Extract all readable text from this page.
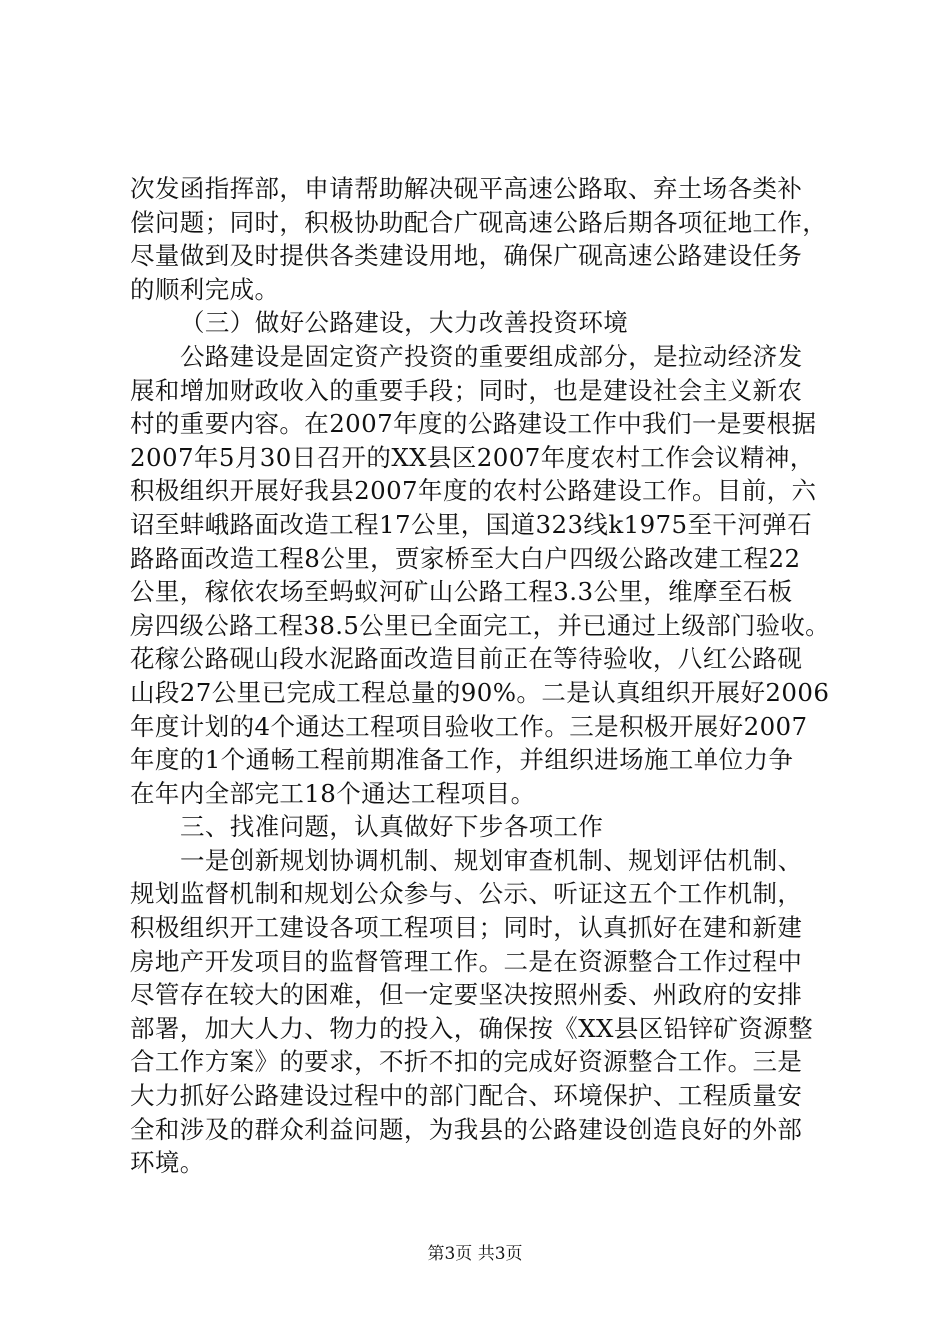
次发函指挥部，申请帮助解决砚平高速公路取、弃土场各类补
偿问题；同时，积极协助配合广砚高速公路后期各项征地工作，
尽量做到及时提供各类建设用地，确保广砚高速公路建设任务
的顺利完成。
（三）做好公路建设，大力改善投资环境
公路建设是固定资产投资的重要组成部分，是拉动经济发
展和增加财政收入的重要手段；同时，也是建设社会主义新农
村的重要内容。在2007年度的公路建设工作中我们一是要根据
2007年5月30日召开的XX县区2007年度农村工作会议精神，
积极组织开展好我县2007年度的农村公路建设工作。目前，六
诏至蚌峨路面改造工程17公里，国道323线k1975至干河弹石
路路面改造工程8公里，贾家桥至大白户四级公路改建工程22
公里，稼依农场至蚂蚁河矿山公路工程3.3公里，维摩至石板
房四级公路工程38.5公里已全面完工，并已通过上级部门验收。
花稼公路砚山段水泥路面改造目前正在等待验收，八红公路砚
山段27公里已完成工程总量的90%。二是认真组织开展好2006
年度计划的4个通达工程项目验收工作。三是积极开展好2007
年度的1个通畅工程前期准备工作，并组织进场施工单位力争
在年内全部完工18个通达工程项目。
三、找准问题，认真做好下步各项工作
一是创新规划协调机制、规划审查机制、规划评估机制、
规划监督机制和规划公众参与、公示、听证这五个工作机制，
积极组织开工建设各项工程项目；同时，认真抓好在建和新建
房地产开发项目的监督管理工作。二是在资源整合工作过程中
尽管存在较大的困难，但一定要坚决按照州委、州政府的安排
部署，加大人力、物力的投入，确保按《XX县区铅锌矿资源整
合工作方案》的要求，不折不扣的完成好资源整合工作。三是
大力抓好公路建设过程中的部门配合、环境保护、工程质量安
全和涉及的群众利益问题，为我县的公路建设创造良好的外部
环境。
第3页 共3页
